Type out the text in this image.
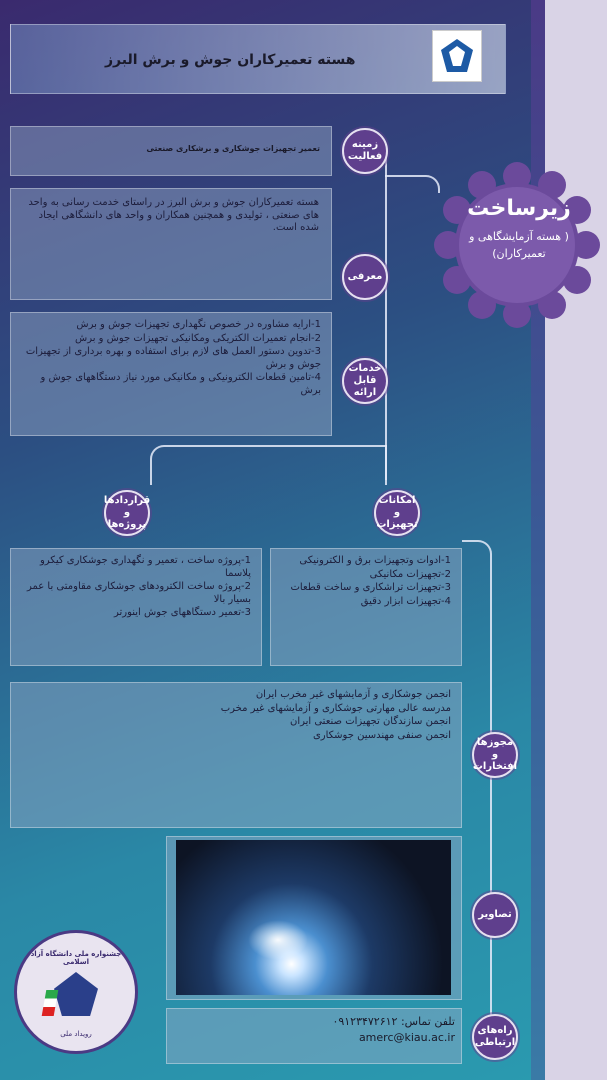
هسته تعمیرکاران جوش و برش البرز
زیرساخت
( هسته آزمایشگاهی و تعمیرکاران)
تعمیر تجهیزات جوشکاری و برشکاری صنعتی	زمینه فعالیت
هسته تعمیرکاران جوش و برش البرز در راستای خدمت رسانی به واحد های صنعتی ، تولیدی و همچنین همکاران و واحد های دانشگاهی ایجاد شده است.
معرفی

1-ارایه مشاوره در خصوص نگهداری تجهیزات جوش و برش

2-انجام تعمیرات الکتریکی ومکانیکی تجهیزات جوش و برش

3-تدوین دستور العمل های لازم برای استفاده و بهره برداری از تجهیزات جوش و برش

4-تامین قطعات الکترونیکی و مکانیکی مورد نیاز دستگاههای جوش و برش

خدمات قابل ارائه
قراردادها و پروژه‌ها

1-پروژه ساخت ، تعمیر و نگهداری جوشکاری کیکرو پلاسما

2-پروژه ساخت الکترودهای جوشکاری مقاومتی با عمر بسیار بالا

3-تعمیر دستگاههای جوش اینورتر

امکانات و تجهیزات

1-ادوات وتجهیزات برق و الکترونیکی

2-تجهیزات مکانیکی

3-تجهیزات تراشکاری و ساخت قطعات

4-تجهیزات ابزار دقیق

انجمن جوشکاری و آزمایشهای غیر مخرب ایران

مدرسه عالی مهارتی جوشکاری و آزمایشهای غیر مخرب

انجمن سازندگان تجهیزات صنعتی ایران

انجمن صنفی مهندسین جوشکاری

مجوزها و افتخارات
تصاویر
تلفن تماس: ۰۹۱۲۳۴۷۲۶۱۲
amerc@kiau.ac.ir
راه‌های ارتباطی
جشنواره ملی دانشگاه آزاد اسلامی
رویداد ملی
